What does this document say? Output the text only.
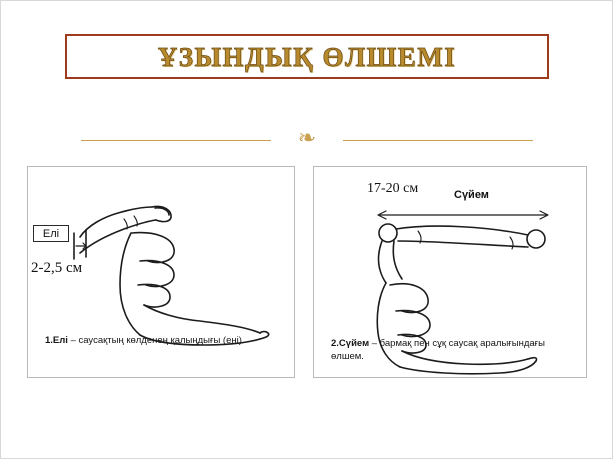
ҰЗЫНДЫҚ ӨЛШЕМІ
❧
Елі
2-2,5 см
17-20 см	Сүйем
1.Елі – саусақтың көлденең қалыңдығы (ені).	2.Сүйем – бармақ пен сұқ саусақ аралығындағы өлшем.
